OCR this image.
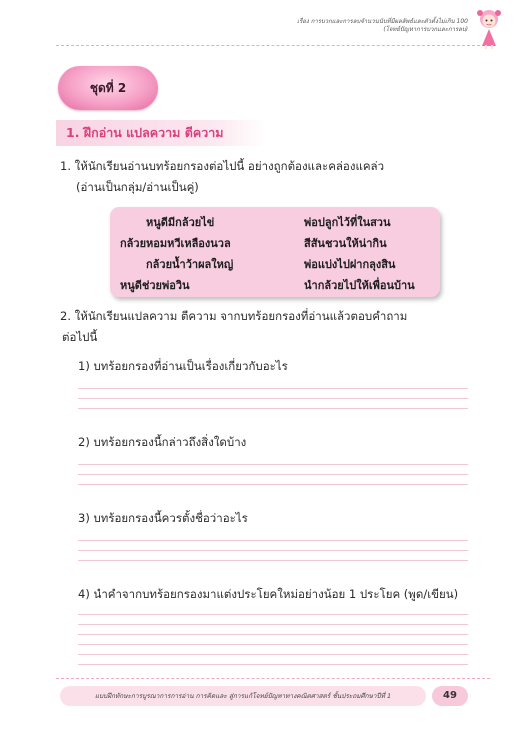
เรื่อง การบวกและการลบจำนวนนับที่มีผลลัพธ์และตัวตั้งไม่เกิน 100
(โจทย์ปัญหาการบวกและการลบ)
ชุดที่ 2
1. ฝึกอ่าน แปลความ ตีความ
1. ให้นักเรียนอ่านบทร้อยกรองต่อไปนี้ อย่างถูกต้องและคล่องแคล่ว
(อ่านเป็นกลุ่ม/อ่านเป็นคู่)
หนูดีมีกล้วยไข่	พ่อปลูกไว้ที่ในสวน
กล้วยหอมหวีเหลืองนวล	สีสันชวนให้น่ากิน
กล้วยน้ำว้าผลใหญ่	พ่อแบ่งไปฝากลุงสิน
หนูดีช่วยพ่อวิน	นำกล้วยไปให้เพื่อนบ้าน
2. ให้นักเรียนแปลความ ตีความ จากบทร้อยกรองที่อ่านแล้วตอบคำถาม
ต่อไปนี้
1) บทร้อยกรองที่อ่านเป็นเรื่องเกี่ยวกับอะไร
2) บทร้อยกรองนี้กล่าวถึงสิ่งใดบ้าง
3) บทร้อยกรองนี้ควรตั้งชื่อว่าอะไร
4) นำคำจากบทร้อยกรองมาแต่งประโยคใหม่อย่างน้อย 1 ประโยค (พูด/เขียน)
แบบฝึกทักษะการบูรณาการการอ่าน การคิดและ สู่การแก้โจทย์ปัญหาทางคณิตศาสตร์ ชั้นประถมศึกษาปีที่ 1	49
